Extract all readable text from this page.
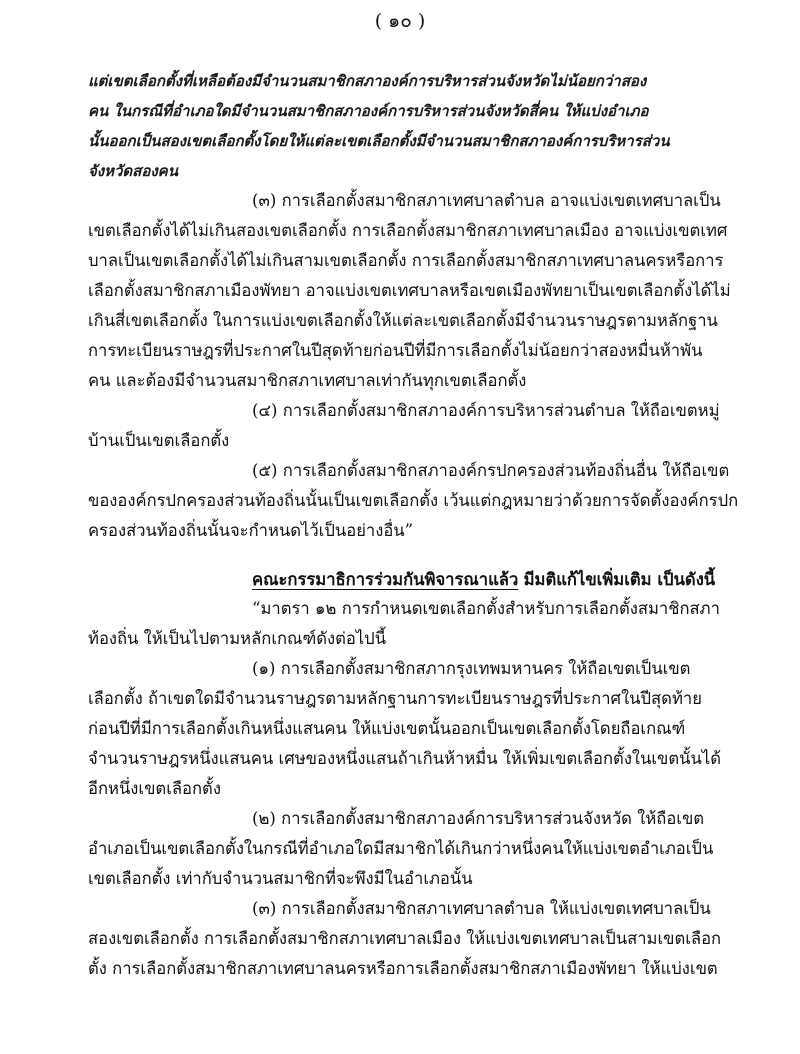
( ๑๐ )
แต่เขตเลือกตั้งที่เหลือต้องมีจำนวนสมาชิกสภาองค์การบริหารส่วนจังหวัดไม่น้อยกว่าสอง
คน ในกรณีที่อำเภอใดมีจำนวนสมาชิกสภาองค์การบริหารส่วนจังหวัดสี่คน ให้แบ่งอำเภอ
นั้นออกเป็นสองเขตเลือกตั้งโดยให้แต่ละเขตเลือกตั้งมีจำนวนสมาชิกสภาองค์การบริหารส่วน
จังหวัดสองคน
(๓) การเลือกตั้งสมาชิกสภาเทศบาลตำบล อาจแบ่งเขตเทศบาลเป็น
เขตเลือกตั้งได้ไม่เกินสองเขตเลือกตั้ง การเลือกตั้งสมาชิกสภาเทศบาลเมือง อาจแบ่งเขตเทศ
บาลเป็นเขตเลือกตั้งได้ไม่เกินสามเขตเลือกตั้ง การเลือกตั้งสมาชิกสภาเทศบาลนครหรือการ
เลือกตั้งสมาชิกสภาเมืองพัทยา อาจแบ่งเขตเทศบาลหรือเขตเมืองพัทยาเป็นเขตเลือกตั้งได้ไม่
เกินสี่เขตเลือกตั้ง ในการแบ่งเขตเลือกตั้งให้แต่ละเขตเลือกตั้งมีจำนวนราษฎรตามหลักฐาน
การทะเบียนราษฎรที่ประกาศในปีสุดท้ายก่อนปีที่มีการเลือกตั้งไม่น้อยกว่าสองหมื่นห้าพัน
คน และต้องมีจำนวนสมาชิกสภาเทศบาลเท่ากันทุกเขตเลือกตั้ง
(๔) การเลือกตั้งสมาชิกสภาองค์การบริหารส่วนตำบล ให้ถือเขตหมู่
บ้านเป็นเขตเลือกตั้ง
(๕) การเลือกตั้งสมาชิกสภาองค์กรปกครองส่วนท้องถิ่นอื่น ให้ถือเขต
ขององค์กรปกครองส่วนท้องถิ่นนั้นเป็นเขตเลือกตั้ง เว้นแต่กฎหมายว่าด้วยการจัดตั้งองค์กรปก
ครองส่วนท้องถิ่นนั้นจะกำหนดไว้เป็นอย่างอื่น”
คณะกรรมาธิการร่วมกันพิจารณาแล้ว มีมติแก้ไขเพิ่มเติม เป็นดังนี้
“มาตรา ๑๒ การกำหนดเขตเลือกตั้งสำหรับการเลือกตั้งสมาชิกสภา
ท้องถิ่น ให้เป็นไปตามหลักเกณฑ์ดังต่อไปนี้
(๑) การเลือกตั้งสมาชิกสภากรุงเทพมหานคร ให้ถือเขตเป็นเขต
เลือกตั้ง ถ้าเขตใดมีจำนวนราษฎรตามหลักฐานการทะเบียนราษฎรที่ประกาศในปีสุดท้าย
ก่อนปีที่มีการเลือกตั้งเกินหนึ่งแสนคน ให้แบ่งเขตนั้นออกเป็นเขตเลือกตั้งโดยถือเกณฑ์
จำนวนราษฎรหนึ่งแสนคน เศษของหนึ่งแสนถ้าเกินห้าหมื่น ให้เพิ่มเขตเลือกตั้งในเขตนั้นได้
อีกหนึ่งเขตเลือกตั้ง
(๒) การเลือกตั้งสมาชิกสภาองค์การบริหารส่วนจังหวัด ให้ถือเขต
อำเภอเป็นเขตเลือกตั้งในกรณีที่อำเภอใดมีสมาชิกได้เกินกว่าหนึ่งคนให้แบ่งเขตอำเภอเป็น
เขตเลือกตั้ง เท่ากับจำนวนสมาชิกที่จะพึงมีในอำเภอนั้น
(๓) การเลือกตั้งสมาชิกสภาเทศบาลตำบล ให้แบ่งเขตเทศบาลเป็น
สองเขตเลือกตั้ง การเลือกตั้งสมาชิกสภาเทศบาลเมือง ให้แบ่งเขตเทศบาลเป็นสามเขตเลือก
ตั้ง การเลือกตั้งสมาชิกสภาเทศบาลนครหรือการเลือกตั้งสมาชิกสภาเมืองพัทยา ให้แบ่งเขต
